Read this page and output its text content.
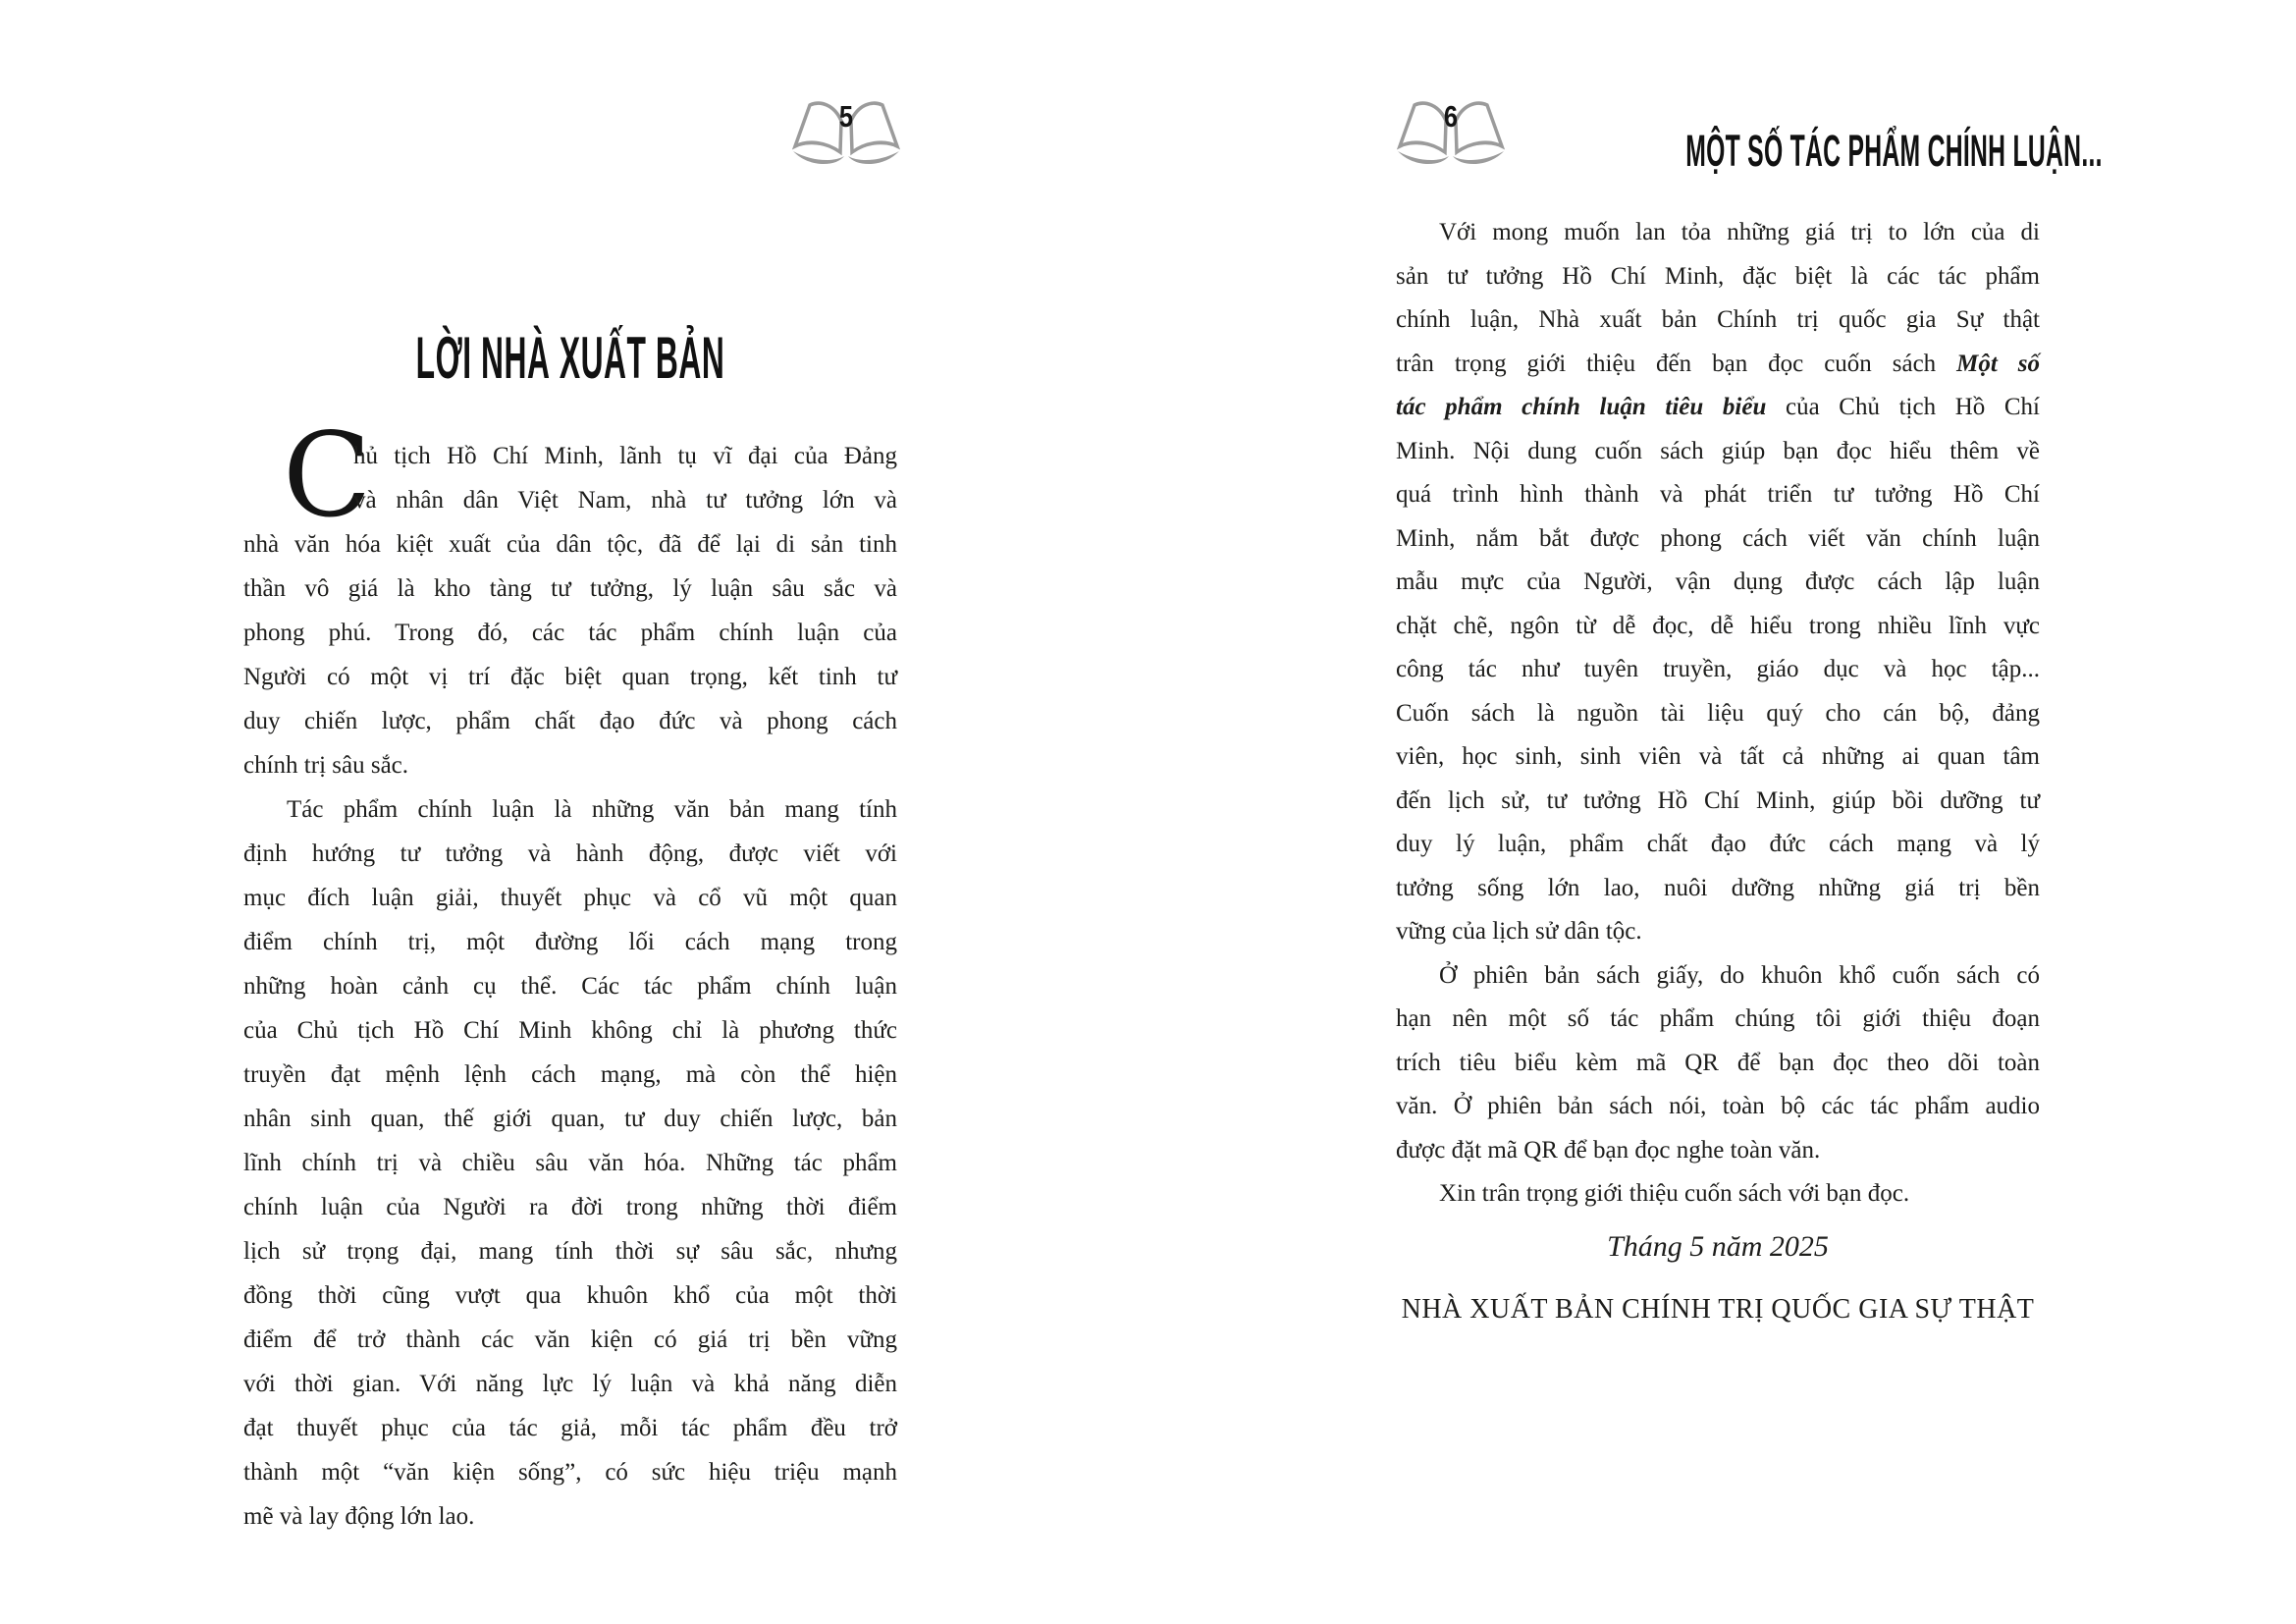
5
LỜI NHÀ XUẤT BẢN
C
hủ tịch Hồ Chí Minh, lãnh tụ vĩ đại của Đảng
và nhân dân Việt Nam, nhà tư tưởng lớn và
nhà văn hóa kiệt xuất của dân tộc, đã để lại di sản tinh
thần vô giá là kho tàng tư tưởng, lý luận sâu sắc và
phong phú. Trong đó, các tác phẩm chính luận của
Người có một vị trí đặc biệt quan trọng, kết tinh tư
duy chiến lược, phẩm chất đạo đức và phong cách
chính trị sâu sắc.
Tác phẩm chính luận là những văn bản mang tính
định hướng tư tưởng và hành động, được viết với
mục đích luận giải, thuyết phục và cổ vũ một quan
điểm chính trị, một đường lối cách mạng trong
những hoàn cảnh cụ thể. Các tác phẩm chính luận
của Chủ tịch Hồ Chí Minh không chỉ là phương thức
truyền đạt mệnh lệnh cách mạng, mà còn thể hiện
nhân sinh quan, thế giới quan, tư duy chiến lược, bản
lĩnh chính trị và chiều sâu văn hóa. Những tác phẩm
chính luận của Người ra đời trong những thời điểm
lịch sử trọng đại, mang tính thời sự sâu sắc, nhưng
đồng thời cũng vượt qua khuôn khổ của một thời
điểm để trở thành các văn kiện có giá trị bền vững
với thời gian. Với năng lực lý luận và khả năng diễn
đạt thuyết phục của tác giả, mỗi tác phẩm đều trở
thành một “văn kiện sống”, có sức hiệu triệu mạnh
mẽ và lay động lớn lao.
6
MỘT SỐ TÁC PHẨM CHÍNH LUẬN...
Với mong muốn lan tỏa những giá trị to lớn của di
sản tư tưởng Hồ Chí Minh, đặc biệt là các tác phẩm
chính luận, Nhà xuất bản Chính trị quốc gia Sự thật
trân trọng giới thiệu đến bạn đọc cuốn sách Một số
tác phẩm chính luận tiêu biểu của Chủ tịch Hồ Chí
Minh. Nội dung cuốn sách giúp bạn đọc hiểu thêm về
quá trình hình thành và phát triển tư tưởng Hồ Chí
Minh, nắm bắt được phong cách viết văn chính luận
mẫu mực của Người, vận dụng được cách lập luận
chặt chẽ, ngôn từ dễ đọc, dễ hiểu trong nhiều lĩnh vực
công tác như tuyên truyền, giáo dục và học tập...
Cuốn sách là nguồn tài liệu quý cho cán bộ, đảng
viên, học sinh, sinh viên và tất cả những ai quan tâm
đến lịch sử, tư tưởng Hồ Chí Minh, giúp bồi dưỡng tư
duy lý luận, phẩm chất đạo đức cách mạng và lý
tưởng sống lớn lao, nuôi dưỡng những giá trị bền
vững của lịch sử dân tộc.
Ở phiên bản sách giấy, do khuôn khổ cuốn sách có
hạn nên một số tác phẩm chúng tôi giới thiệu đoạn
trích tiêu biểu kèm mã QR để bạn đọc theo dõi toàn
văn. Ở phiên bản sách nói, toàn bộ các tác phẩm audio
được đặt mã QR để bạn đọc nghe toàn văn.
Xin trân trọng giới thiệu cuốn sách với bạn đọc.
Tháng 5 năm 2025
NHÀ XUẤT BẢN CHÍNH TRỊ QUỐC GIA SỰ THẬT
